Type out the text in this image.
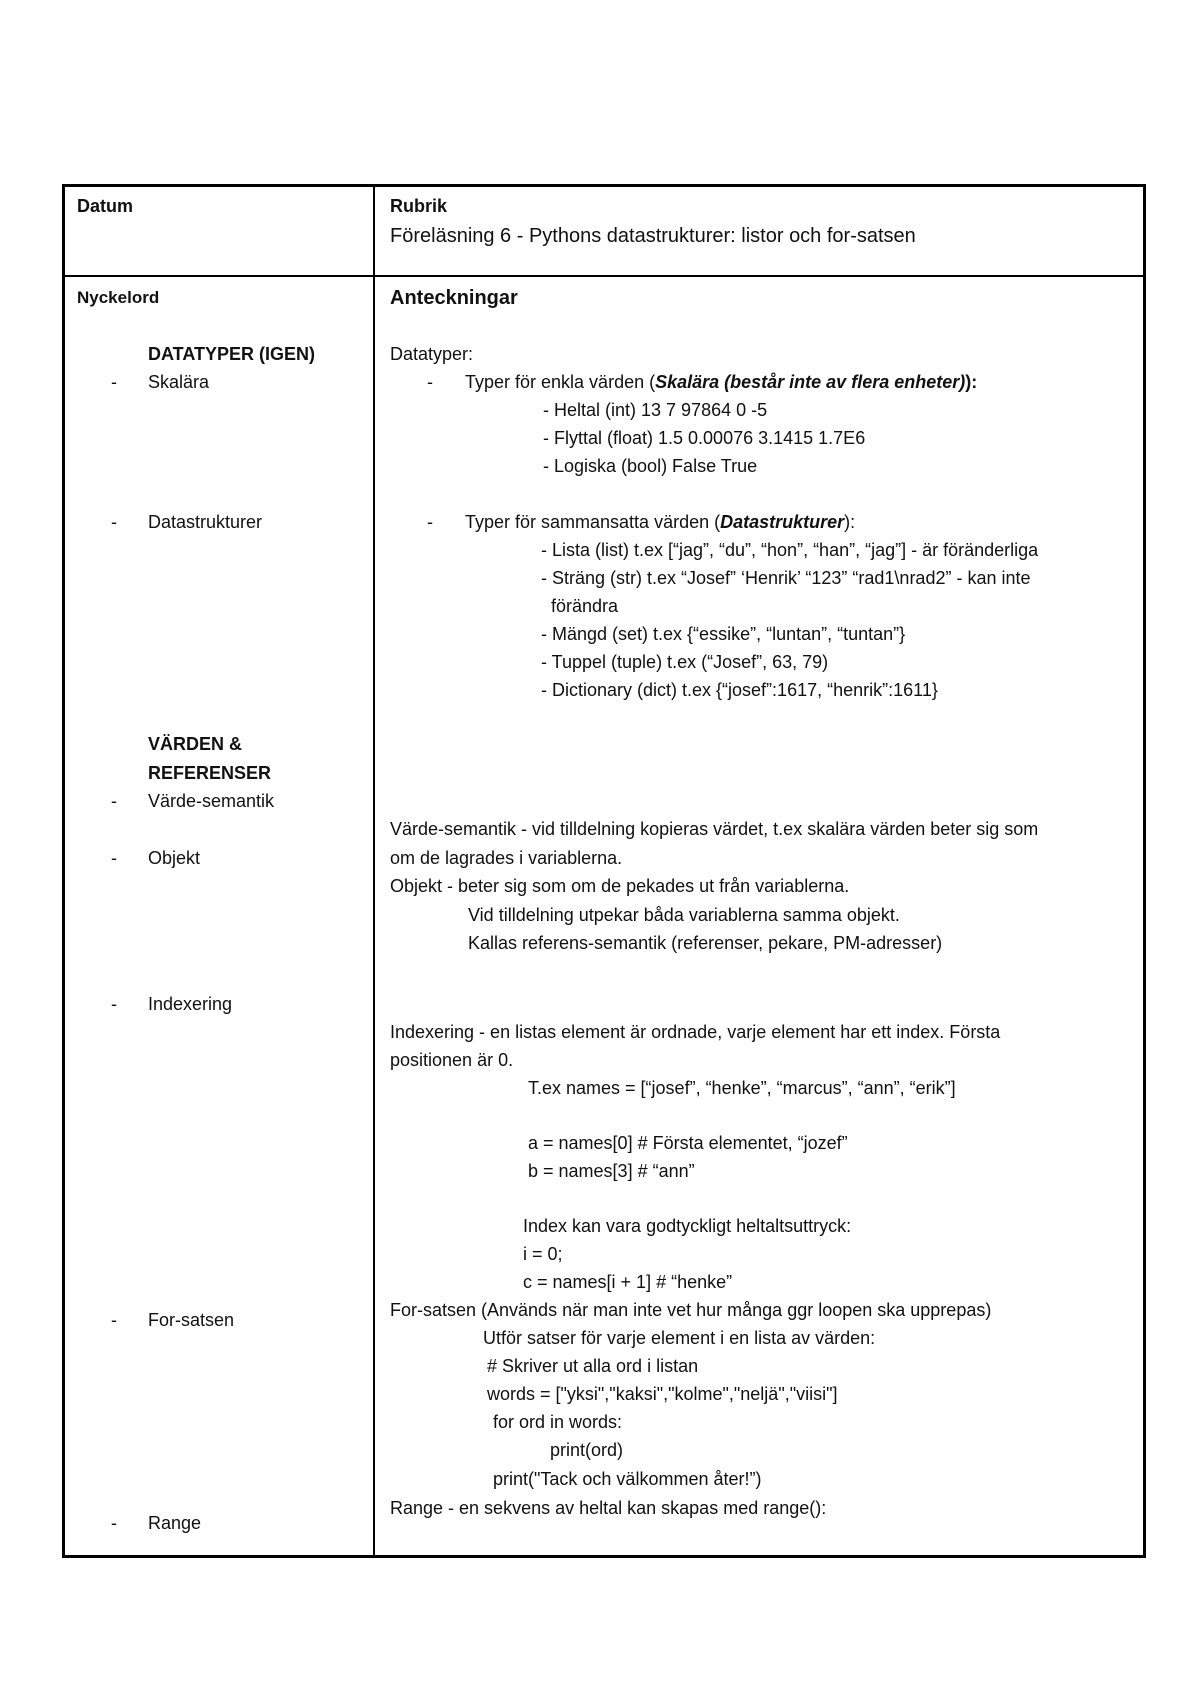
Datum	Rubrik
Föreläsning 6 - Pythons datastrukturer: listor och for-satsen
Nyckelord
DATATYPER (IGEN)
- Skalära
- Datastrukturer
VÄRDEN &
REFERENSER
- Värde-semantik
- Objekt
- Indexering
- For-satsen
- Range
Anteckningar
Datatyper:
- Typer för enkla värden (Skalära (består inte av flera enheter)):
- Heltal (int) 13 7 97864 0 -5
- Flyttal (float) 1.5 0.00076 3.1415 1.7E6
- Logiska (bool) False True
- Typer för sammansatta värden (Datastrukturer):
- Lista (list) t.ex [“jag”, “du”, “hon”, “han”, “jag”] - är föränderliga
- Sträng (str) t.ex “Josef” ‘Henrik’ “123” “rad1\nrad2” - kan inte
förändra
- Mängd (set) t.ex {“essike”, “luntan”, “tuntan”}
- Tuppel (tuple) t.ex (“Josef”, 63, 79)
- Dictionary (dict) t.ex {“josef”:1617, “henrik”:1611}
Värde-semantik - vid tilldelning kopieras värdet, t.ex skalära värden beter sig som
om de lagrades i variablerna.
Objekt - beter sig som om de pekades ut från variablerna.
Vid tilldelning utpekar båda variablerna samma objekt.
Kallas referens-semantik (referenser, pekare, PM-adresser)
Indexering - en listas element är ordnade, varje element har ett index. Första
positionen är 0.
T.ex names = [“josef”, “henke”, “marcus”, “ann”, “erik”]
a = names[0] # Första elementet, “jozef”
b = names[3] # “ann”
Index kan vara godtyckligt heltaltsuttryck:
i = 0;
c = names[i + 1] # “henke”
For-satsen (Används när man inte vet hur många ggr loopen ska upprepas)
Utför satser för varje element i en lista av värden:
# Skriver ut alla ord i listan
words = ["yksi","kaksi","kolme","neljä","viisi"]
for ord in words:
print(ord)
print("Tack och välkommen åter!”)
Range - en sekvens av heltal kan skapas med range():
